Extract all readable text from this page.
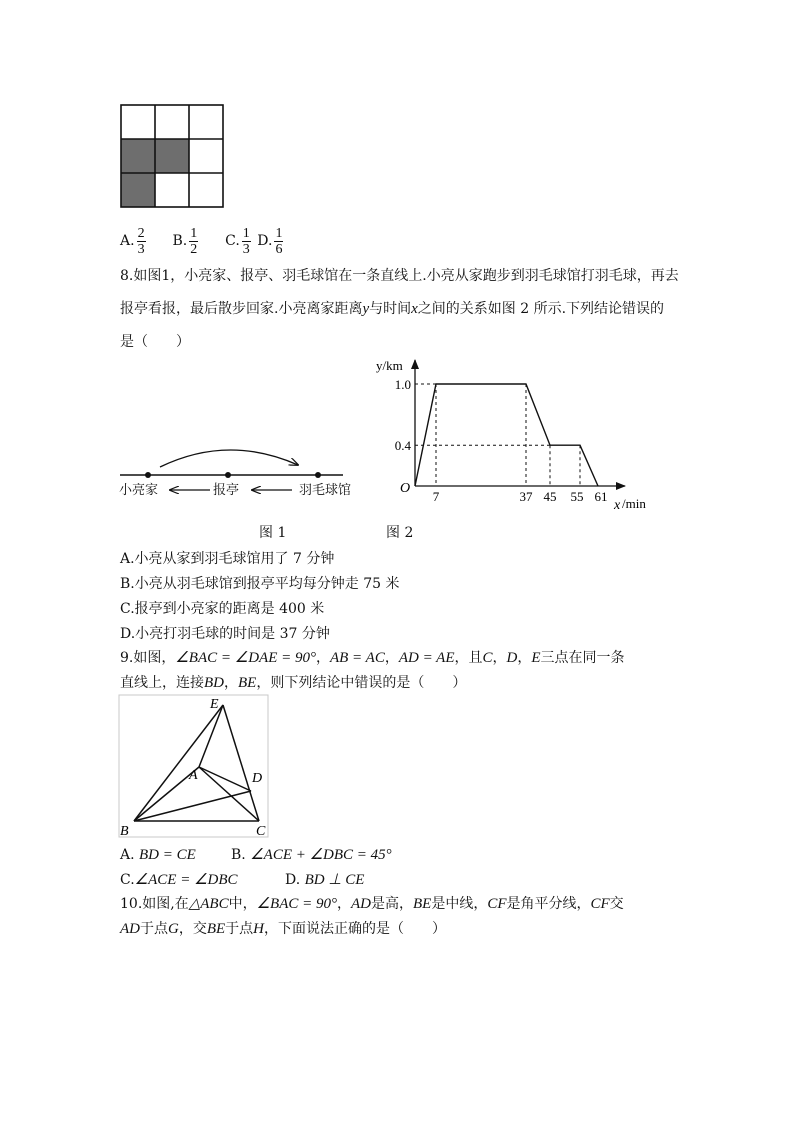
A. $\frac{2}{3} B$. $\frac{1}{2} C$. $\frac{1}{3} D$. $\frac{1}{6}$
8.如图1，小亮家、报亭、羽毛球馆在一条直线上.小亮从家跑步到羽毛球馆打羽毛球，再去
报亭看报，最后散步回家.小亮离家距离y与时间x之间的关系如图 2 所示.下列结论错误的
是（　　）
小亮家	报亭	羽毛球馆
图 1
y/km
O
x /min
1.0
0.4
7	37 45 55 61
图 2
A.小亮从家到羽毛球馆用了 7 分钟
B.小亮从羽毛球馆到报亭平均每分钟走 75 米
C.报亭到小亮家的距离是 400 米
D.小亮打羽毛球的时间是 37 分钟
9.如图，∠BAC = ∠DAE = 90°，AB = AC，AD = AE，且C，D，E三点在同一条
直线上，连接BD，BE，则下列结论中错误的是（　　）
E
A	D
B	C
A. BD = CE	B. ∠ACE + ∠DBC = 45°
C.∠ACE = ∠DBC	D. BD ⊥ CE
10.如图,在△ABC中，∠BAC = 90°，AD是高，BE是中线，CF是角平分线，CF交
AD于点G，交BE于点H，下面说法正确的是（　　）
